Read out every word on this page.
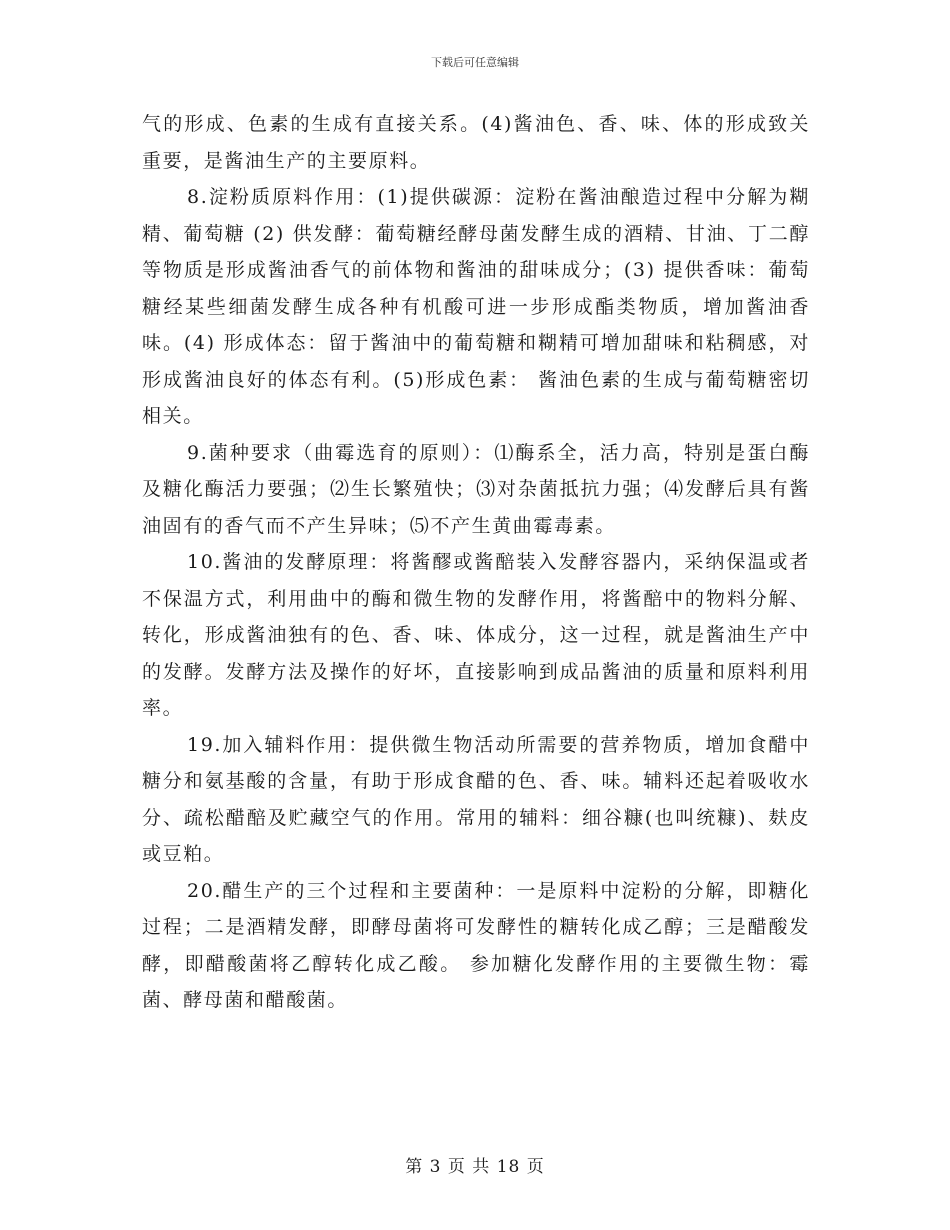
下载后可任意编辑

气的形成、色素的生成有直接关系。(4)酱油色、香、味、体的形成致关重要，是酱油生产的主要原料。

8.淀粉质原料作用：(1)提供碳源：淀粉在酱油酿造过程中分解为糊精、葡萄糖 (2) 供发酵：葡萄糖经酵母菌发酵生成的酒精、甘油、丁二醇等物质是形成酱油香气的前体物和酱油的甜味成分；(3) 提供香味：葡萄糖经某些细菌发酵生成各种有机酸可进一步形成酯类物质，增加酱油香味。(4) 形成体态：留于酱油中的葡萄糖和糊精可增加甜味和粘稠感，对形成酱油良好的体态有利。(5)形成色素： 酱油色素的生成与葡萄糖密切相关。

9.菌种要求（曲霉选育的原则）：⑴酶系全，活力高，特别是蛋白酶及糖化酶活力要强；⑵生长繁殖快；⑶对杂菌抵抗力强；⑷发酵后具有酱油固有的香气而不产生异味；⑸不产生黄曲霉毒素。

10.酱油的发酵原理：将酱醪或酱醅装入发酵容器内，采纳保温或者不保温方式，利用曲中的酶和微生物的发酵作用，将酱醅中的物料分解、转化，形成酱油独有的色、香、味、体成分，这一过程，就是酱油生产中的发酵。发酵方法及操作的好坏，直接影响到成品酱油的质量和原料利用率。

19.加入辅料作用：提供微生物活动所需要的营养物质，增加食醋中糖分和氨基酸的含量，有助于形成食醋的色、香、味。辅料还起着吸收水分、疏松醋醅及贮藏空气的作用。常用的辅料：细谷糠(也叫统糠)、麸皮或豆粕。

20.醋生产的三个过程和主要菌种：一是原料中淀粉的分解，即糖化过程；二是酒精发酵，即酵母菌将可发酵性的糖转化成乙醇；三是醋酸发酵，即醋酸菌将乙醇转化成乙酸。 参加糖化发酵作用的主要微生物：霉菌、酵母菌和醋酸菌。

第 3 页 共 18 页
